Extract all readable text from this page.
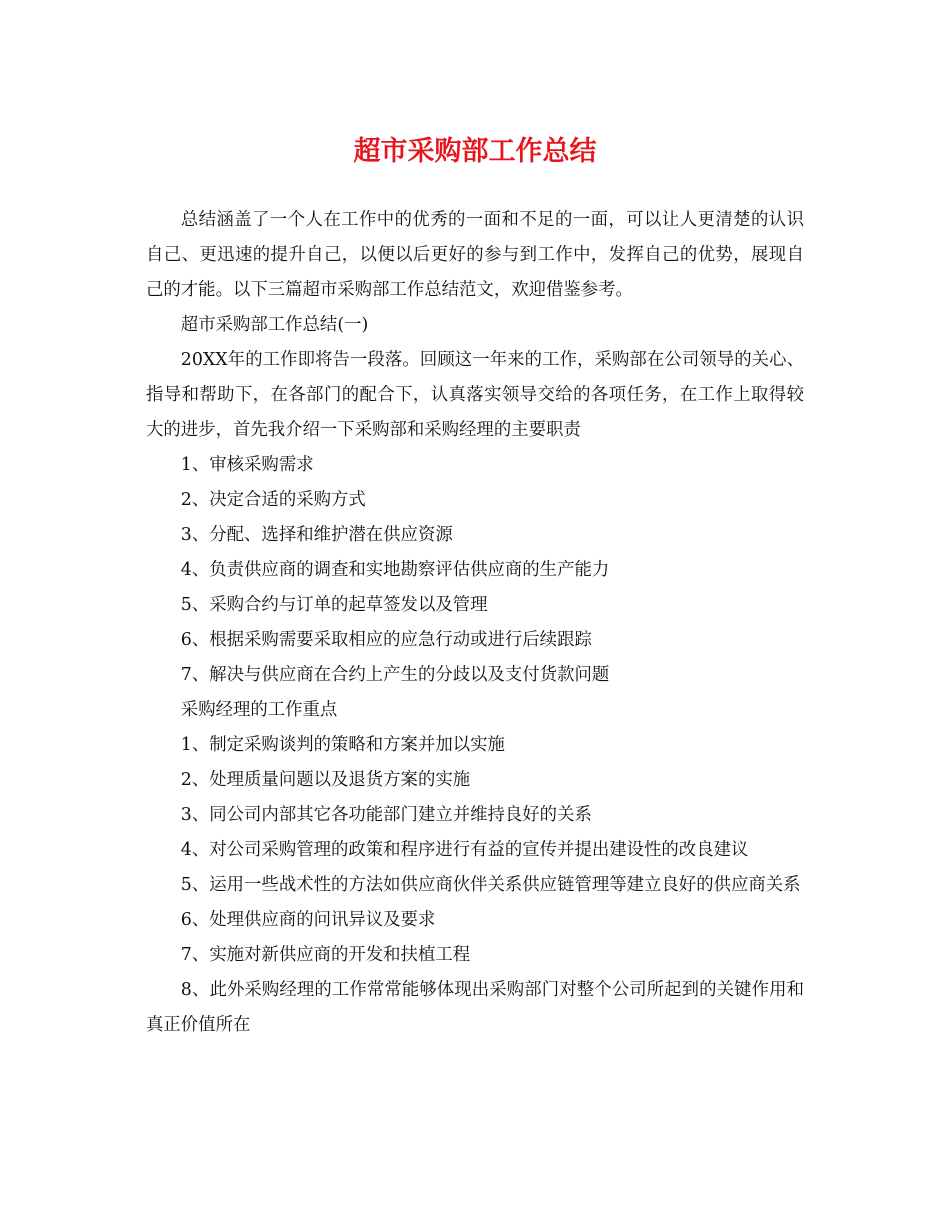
超市采购部工作总结

总结涵盖了一个人在工作中的优秀的一面和不足的一面，可以让人更清楚的认识自己、更迅速的提升自己，以便以后更好的参与到工作中，发挥自己的优势，展现自己的才能。以下三篇超市采购部工作总结范文，欢迎借鉴参考。

超市采购部工作总结(一)

20XX年的工作即将告一段落。回顾这一年来的工作，采购部在公司领导的关心、指导和帮助下，在各部门的配合下，认真落实领导交给的各项任务，在工作上取得较大的进步，首先我介绍一下采购部和采购经理的主要职责

1、审核采购需求

2、决定合适的采购方式

3、分配、选择和维护潜在供应资源

4、负责供应商的调查和实地勘察评估供应商的生产能力

5、采购合约与订单的起草签发以及管理

6、根据采购需要采取相应的应急行动或进行后续跟踪

7、解决与供应商在合约上产生的分歧以及支付货款问题

采购经理的工作重点

1、制定采购谈判的策略和方案并加以实施

2、处理质量问题以及退货方案的实施

3、同公司内部其它各功能部门建立并维持良好的关系

4、对公司采购管理的政策和程序进行有益的宣传并提出建设性的改良建议

5、运用一些战术性的方法如供应商伙伴关系供应链管理等建立良好的供应商关系

6、处理供应商的问讯异议及要求

7、实施对新供应商的开发和扶植工程

8、此外采购经理的工作常常能够体现出采购部门对整个公司所起到的关键作用和真正价值所在
